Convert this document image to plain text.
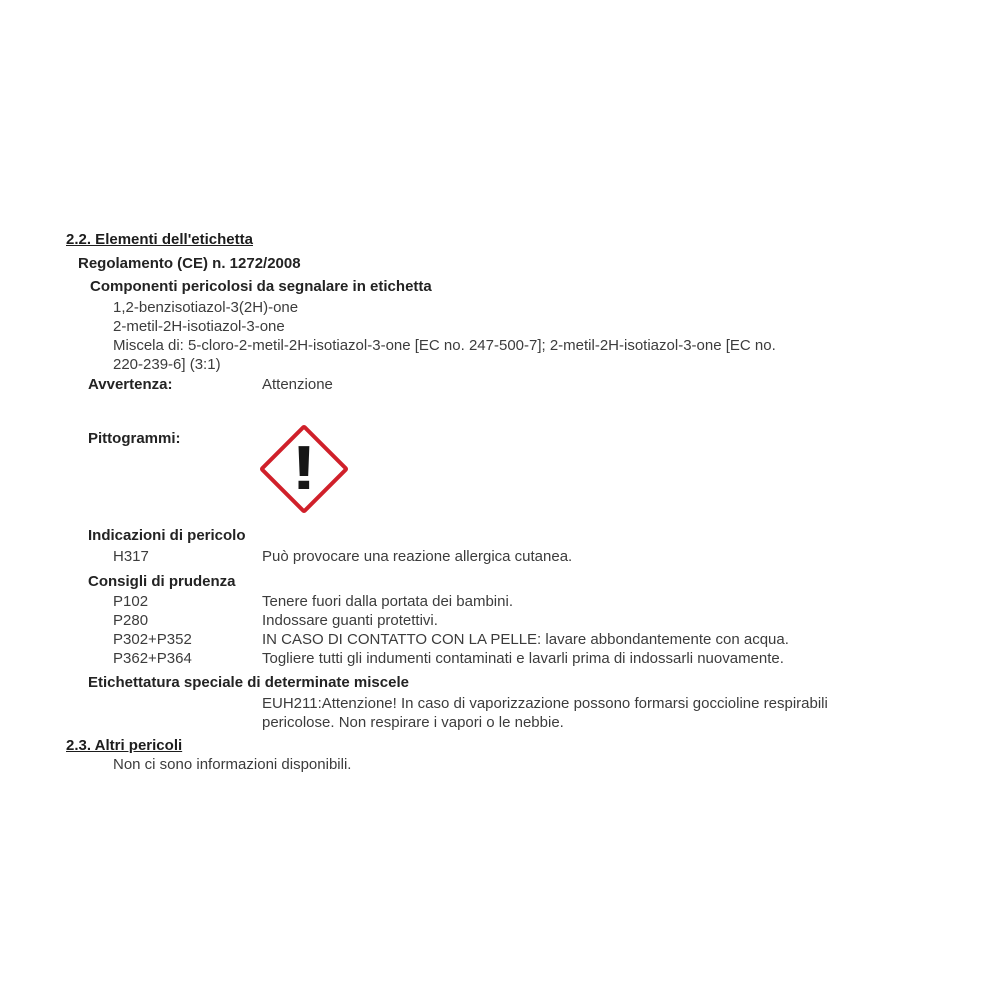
2.2. Elementi dell'etichetta
Regolamento (CE) n. 1272/2008
Componenti pericolosi da segnalare in etichetta
1,2-benzisotiazol-3(2H)-one
2-metil-2H-isotiazol-3-one
Miscela di: 5-cloro-2-metil-2H-isotiazol-3-one [EC no. 247-500-7]; 2-metil-2H-isotiazol-3-one [EC no. 220-239-6] (3:1)
Avvertenza:	Attenzione
Pittogrammi: !
Indicazioni di pericolo
H317	Può provocare una reazione allergica cutanea.
Consigli di prudenza
P102	Tenere fuori dalla portata dei bambini.
P280	Indossare guanti protettivi.
P302+P352	IN CASO DI CONTATTO CON LA PELLE: lavare abbondantemente con acqua.
P362+P364	Togliere tutti gli indumenti contaminati e lavarli prima di indossarli nuovamente.
Etichettatura speciale di determinate miscele
EUH211:Attenzione! In caso di vaporizzazione possono formarsi goccioline respirabili pericolose. Non respirare i vapori o le nebbie.
2.3. Altri pericoli
Non ci sono informazioni disponibili.
